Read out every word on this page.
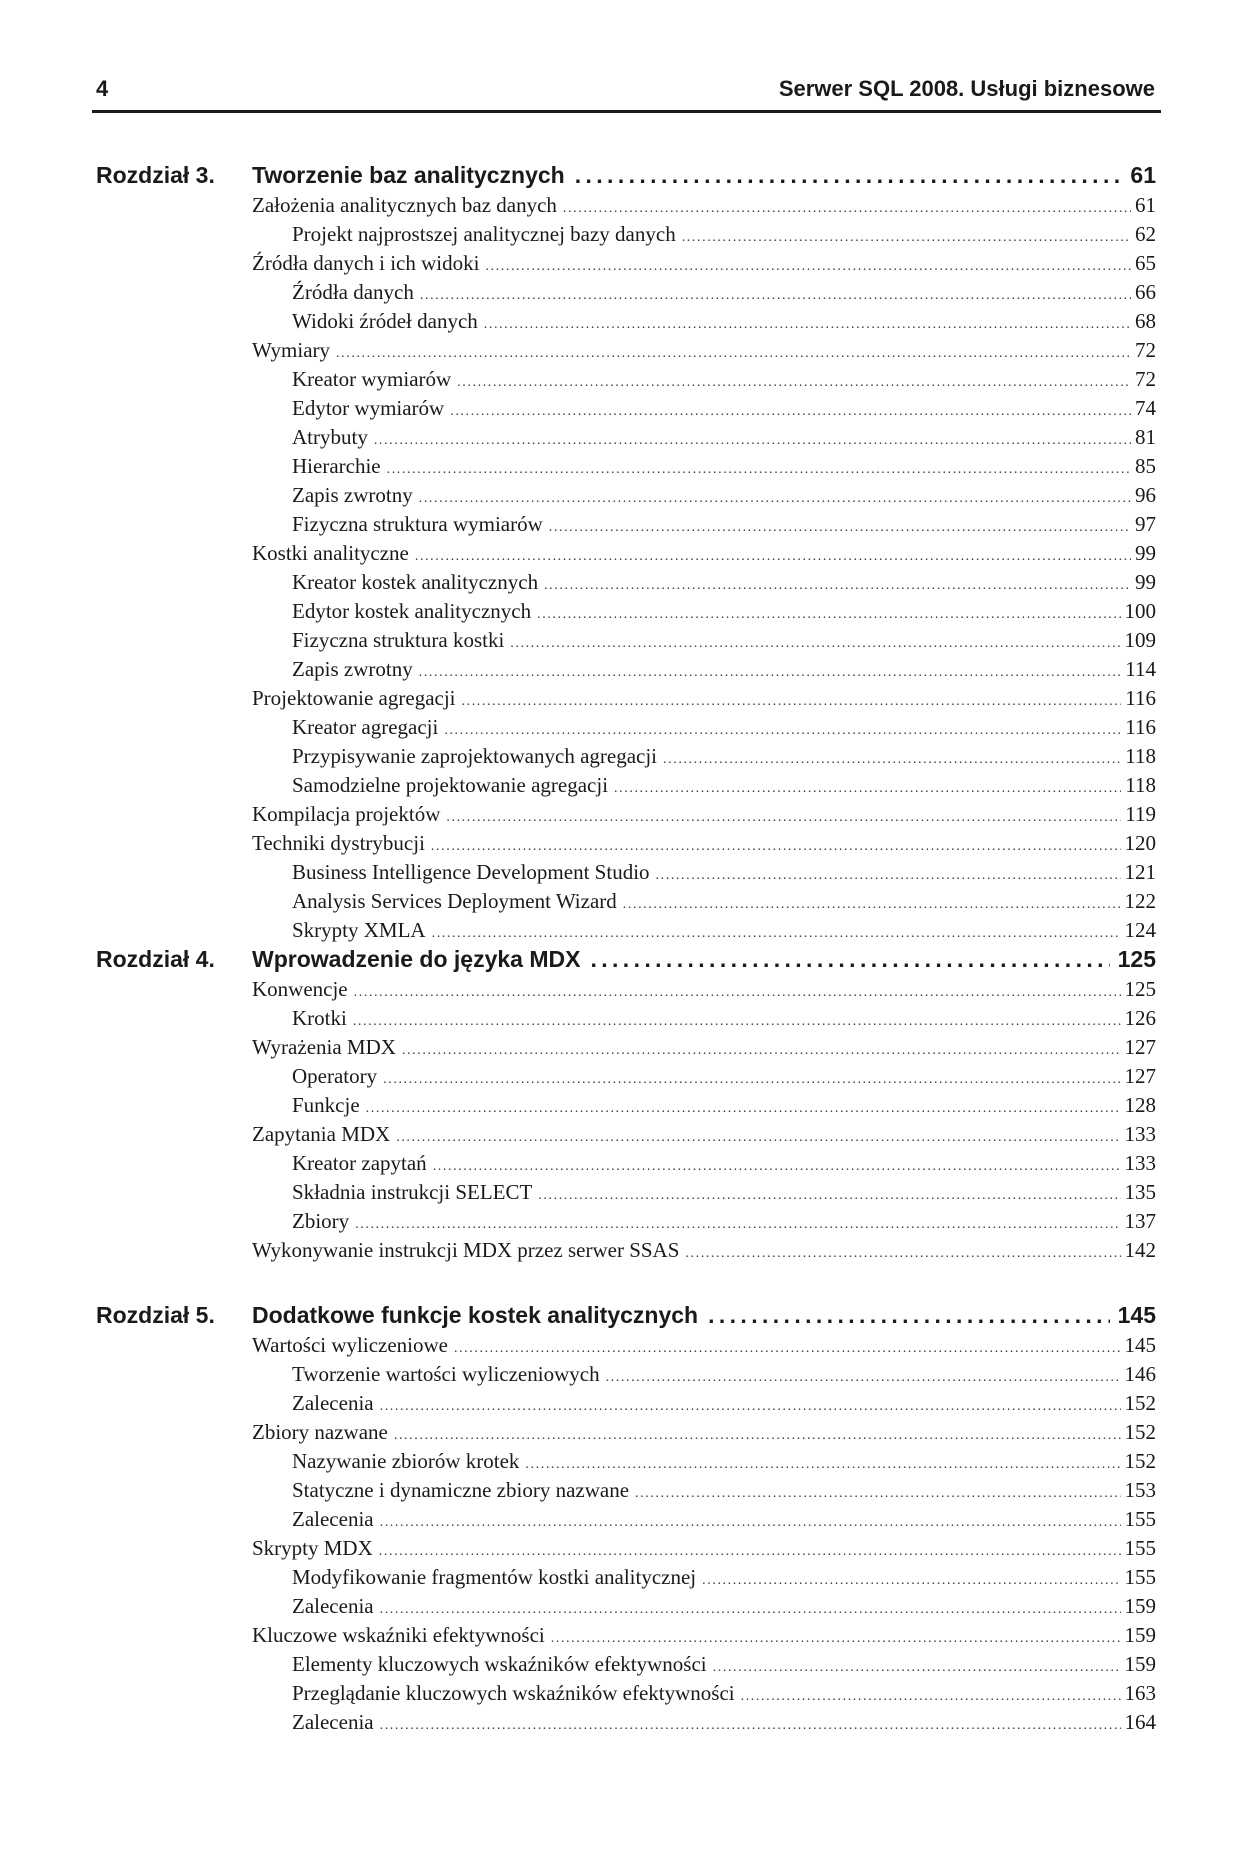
4	Serwer SQL 2008. Usługi biznesowe
Rozdział 3. Tworzenie baz analitycznych . . .	61
Założenia analitycznych baz danych .....	61
Projekt najprostszej analitycznej bazy danych .....	62
Źródła danych i ich widoki .....	65
Źródła danych .....	66
Widoki źródeł danych .....	68
Wymiary .....	72
Kreator wymiarów .....	72
Edytor wymiarów .....	74
Atrybuty .....	81
Hierarchie .....	85
Zapis zwrotny .....	96
Fizyczna struktura wymiarów .....	97
Kostki analityczne .....	99
Kreator kostek analitycznych .....	99
Edytor kostek analitycznych .....	100
Fizyczna struktura kostki .....	109
Zapis zwrotny .....	114
Projektowanie agregacji .....	116
Kreator agregacji .....	116
Przypisywanie zaprojektowanych agregacji .....	118
Samodzielne projektowanie agregacji .....	118
Kompilacja projektów .....	119
Techniki dystrybucji .....	120
Business Intelligence Development Studio .....	121
Analysis Services Deployment Wizard .....	122
Skrypty XMLA .....	124
Rozdział 4. Wprowadzenie do języka MDX . . .	125
Konwencje .....	125
Krotki .....	126
Wyrażenia MDX .....	127
Operatory .....	127
Funkcje .....	128
Zapytania MDX .....	133
Kreator zapytań .....	133
Składnia instrukcji SELECT .....	135
Zbiory .....	137
Wykonywanie instrukcji MDX przez serwer SSAS .....	142
Rozdział 5. Dodatkowe funkcje kostek analitycznych . . .	145
Wartości wyliczeniowe .....	145
Tworzenie wartości wyliczeniowych .....	146
Zalecenia .....	152
Zbiory nazwane .....	152
Nazywanie zbiorów krotek .....	152
Statyczne i dynamiczne zbiory nazwane .....	153
Zalecenia .....	155
Skrypty MDX .....	155
Modyfikowanie fragmentów kostki analitycznej .....	155
Zalecenia .....	159
Kluczowe wskaźniki efektywności .....	159
Elementy kluczowych wskaźników efektywności .....	159
Przeglądanie kluczowych wskaźników efektywności .....	163
Zalecenia .....	164
